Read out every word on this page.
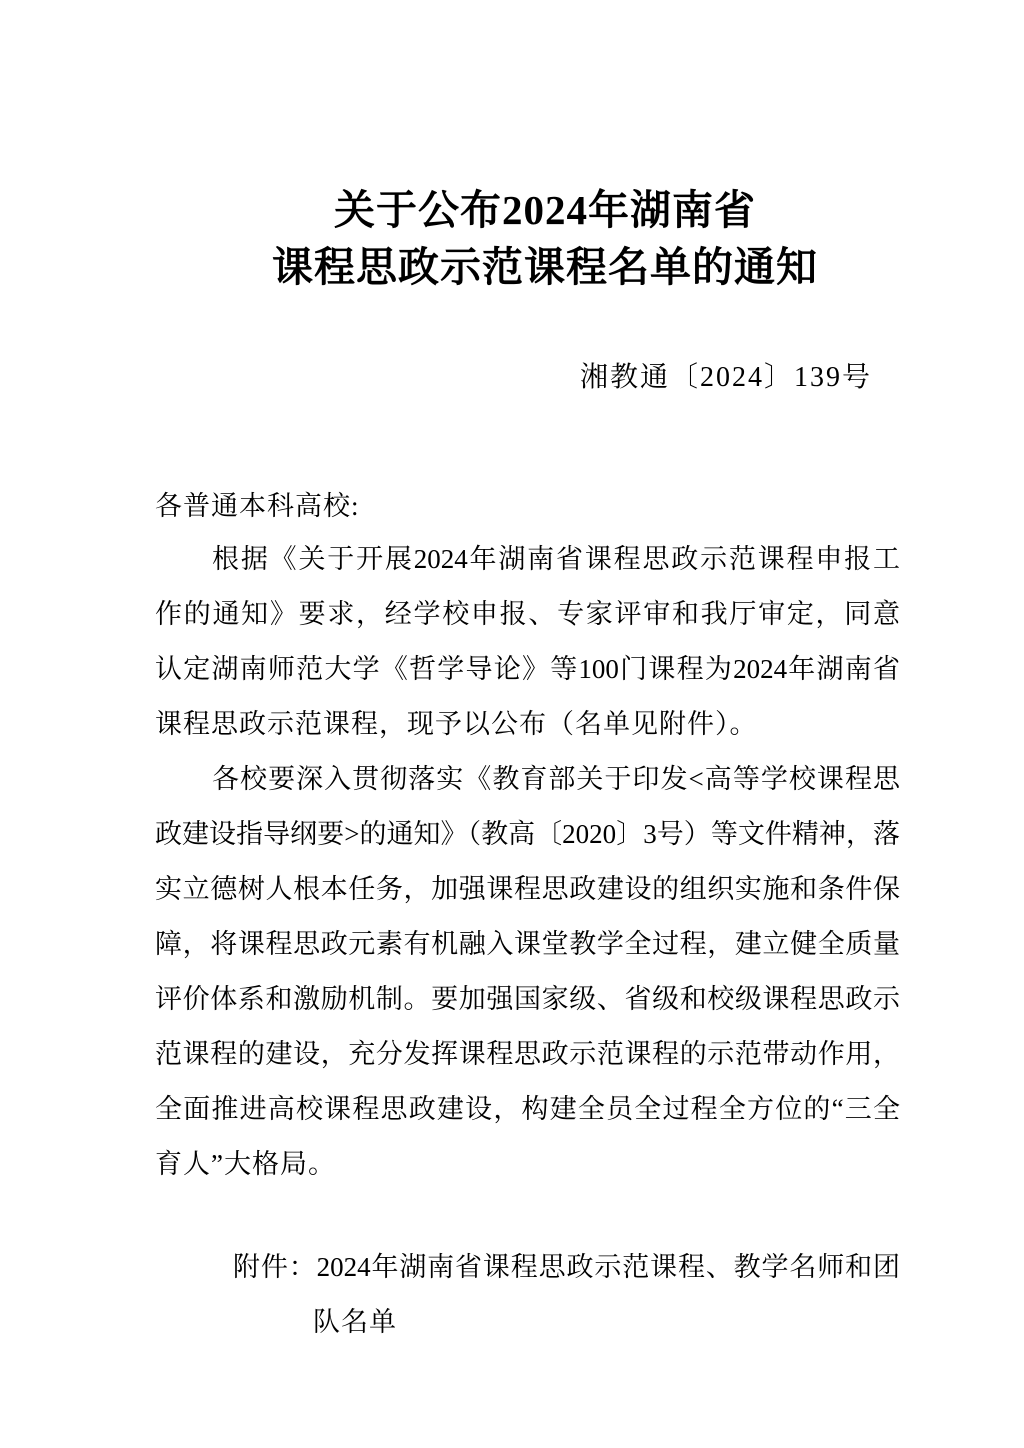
关于公布2024年湖南省
课程思政示范课程名单的通知
湘教通〔2024〕139号
各普通本科高校:
根据《关于开展2024年湖南省课程思政示范课程申报工
作的通知》要求，经学校申报、专家评审和我厅审定，同意
认定湖南师范大学《哲学导论》等100门课程为2024年湖南省
课程思政示范课程，现予以公布（名单见附件）。
各校要深入贯彻落实《教育部关于印发<高等学校课程思
政建设指导纲要>的通知》（教高〔2020〕3号）等文件精神，落
实立德树人根本任务，加强课程思政建设的组织实施和条件保
障，将课程思政元素有机融入课堂教学全过程，建立健全质量
评价体系和激励机制。要加强国家级、省级和校级课程思政示
范课程的建设，充分发挥课程思政示范课程的示范带动作用，
全面推进高校课程思政建设，构建全员全过程全方位的“三全
育人”大格局。
附件：2024年湖南省课程思政示范课程、教学名师和团
队名单
